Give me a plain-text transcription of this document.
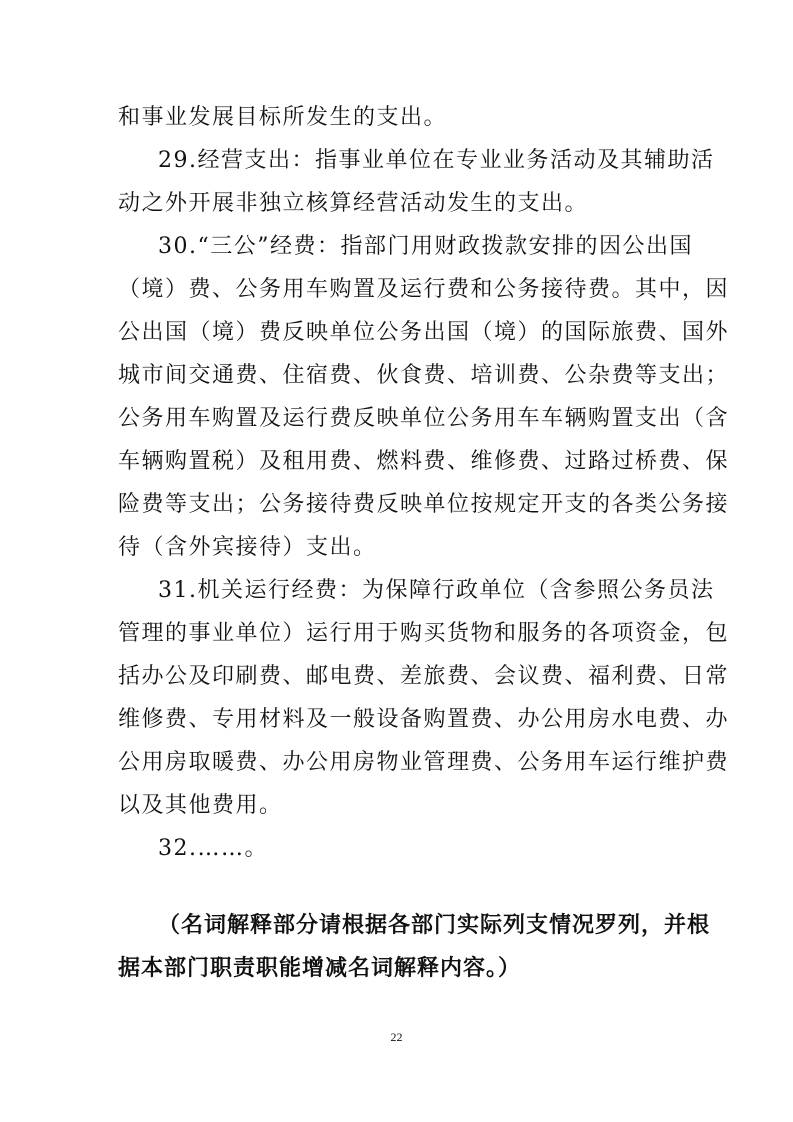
和事业发展目标所发生的支出。
29.经营支出：指事业单位在专业业务活动及其辅助活
动之外开展非独立核算经营活动发生的支出。
30.“三公”经费：指部门用财政拨款安排的因公出国
（境）费、公务用车购置及运行费和公务接待费。其中，因
公出国（境）费反映单位公务出国（境）的国际旅费、国外
城市间交通费、住宿费、伙食费、培训费、公杂费等支出；
公务用车购置及运行费反映单位公务用车车辆购置支出（含
车辆购置税）及租用费、燃料费、维修费、过路过桥费、保
险费等支出；公务接待费反映单位按规定开支的各类公务接
待（含外宾接待）支出。
31.机关运行经费：为保障行政单位（含参照公务员法
管理的事业单位）运行用于购买货物和服务的各项资金，包
括办公及印刷费、邮电费、差旅费、会议费、福利费、日常
维修费、专用材料及一般设备购置费、办公用房水电费、办
公用房取暖费、办公用房物业管理费、公务用车运行维护费
以及其他费用。
32.……。
（名词解释部分请根据各部门实际列支情况罗列，并根
据本部门职责职能增减名词解释内容。）
22
